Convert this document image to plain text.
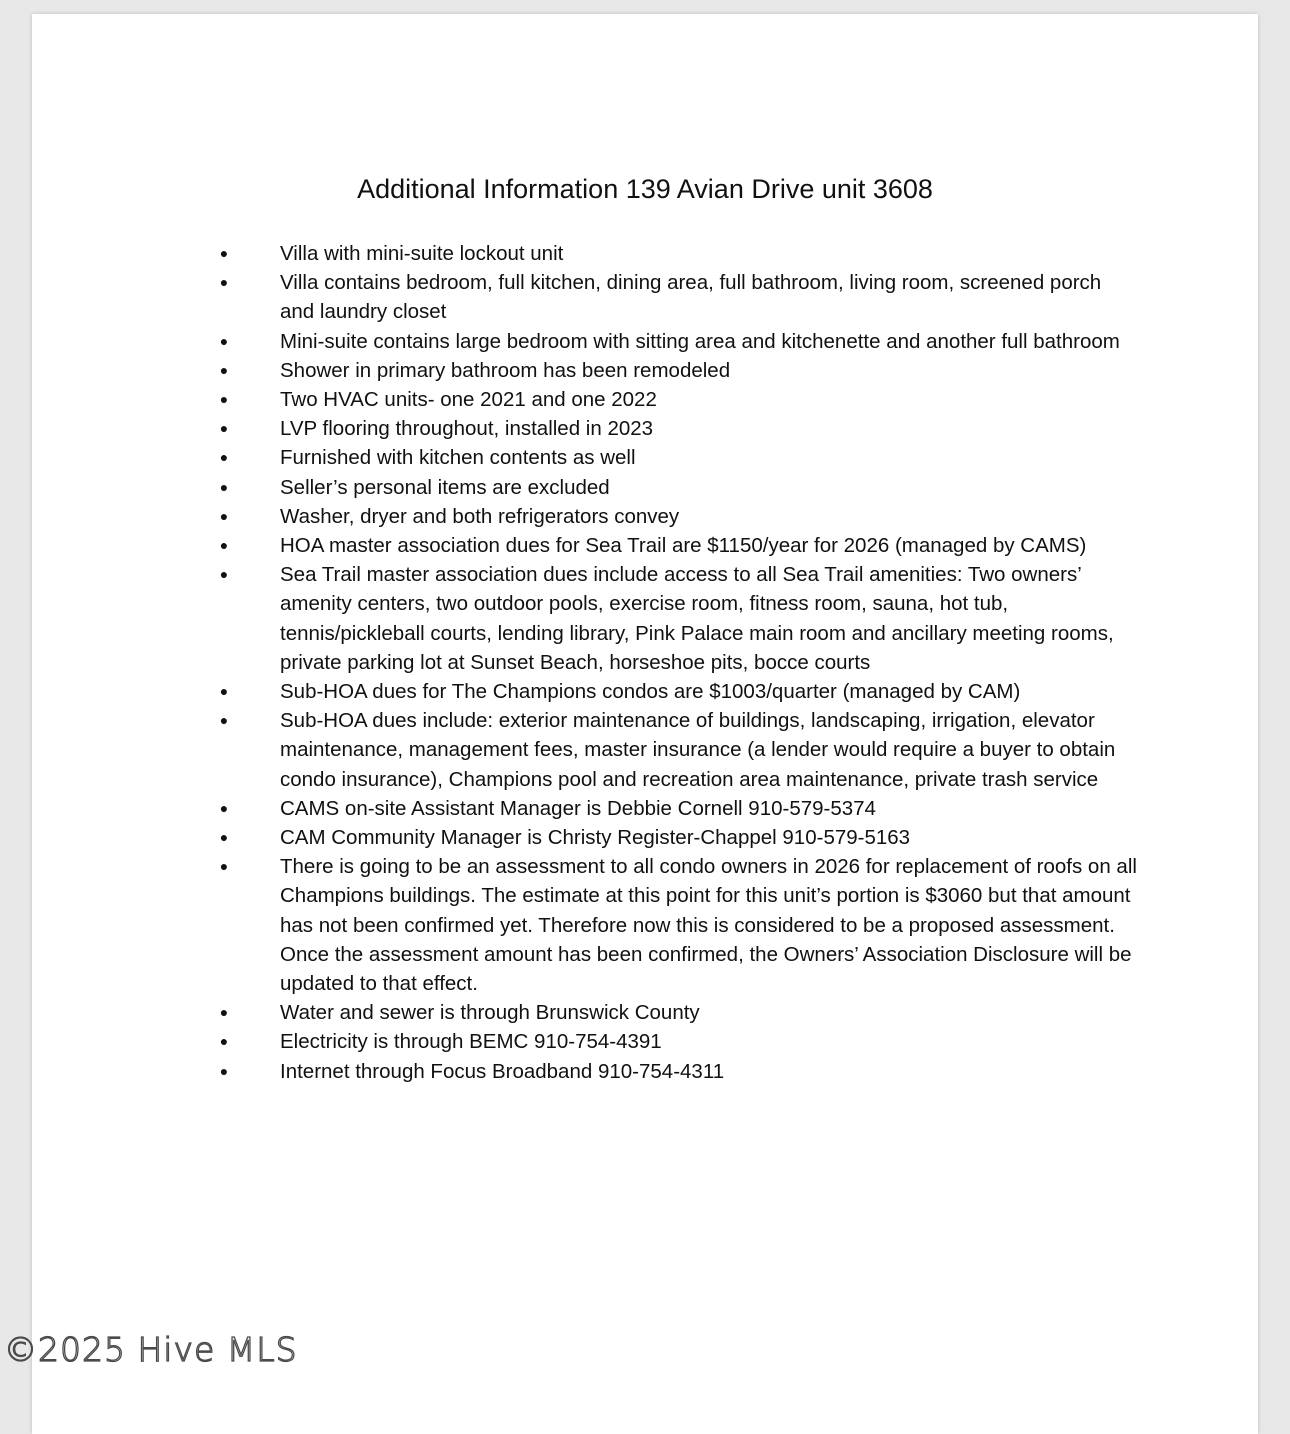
Additional Information 139 Avian Drive unit 3608
●	Villa with mini-suite lockout unit
●	Villa contains bedroom, full kitchen, dining area, full bathroom, living room, screened porch and laundry closet
●	Mini-suite contains large bedroom with sitting area and kitchenette and another full bathroom
●	Shower in primary bathroom has been remodeled
●	Two HVAC units- one 2021 and one 2022
●	LVP flooring throughout, installed in 2023
●	Furnished with kitchen contents as well
●	Seller’s personal items are excluded
●	Washer, dryer and both refrigerators convey
●	HOA master association dues for Sea Trail are $1150/year for 2026 (managed by CAMS)
●	Sea Trail master association dues include access to all Sea Trail amenities: Two owners’ amenity centers, two outdoor pools, exercise room, fitness room, sauna, hot tub, tennis/pickleball courts, lending library, Pink Palace main room and ancillary meeting rooms, private parking lot at Sunset Beach, horseshoe pits, bocce courts
●	Sub-HOA dues for The Champions condos are $1003/quarter (managed by CAM)
●	Sub-HOA dues include: exterior maintenance of buildings, landscaping, irrigation, elevator maintenance, management fees, master insurance (a lender would require a buyer to obtain condo insurance), Champions pool and recreation area maintenance, private trash service
●	CAMS on-site Assistant Manager is Debbie Cornell 910-579-5374
●	CAM Community Manager is Christy Register-Chappel 910-579-5163
●	There is going to be an assessment to all condo owners in 2026 for replacement of roofs on all Champions buildings. The estimate at this point for this unit’s portion is $3060 but that amount has not been confirmed yet. Therefore now this is considered to be a proposed assessment. Once the assessment amount has been confirmed, the Owners’ Association Disclosure will be updated to that effect.
●	Water and sewer is through Brunswick County
●	Electricity is through BEMC 910-754-4391
●	Internet through Focus Broadband 910-754-4311
©2025 Hive MLS
